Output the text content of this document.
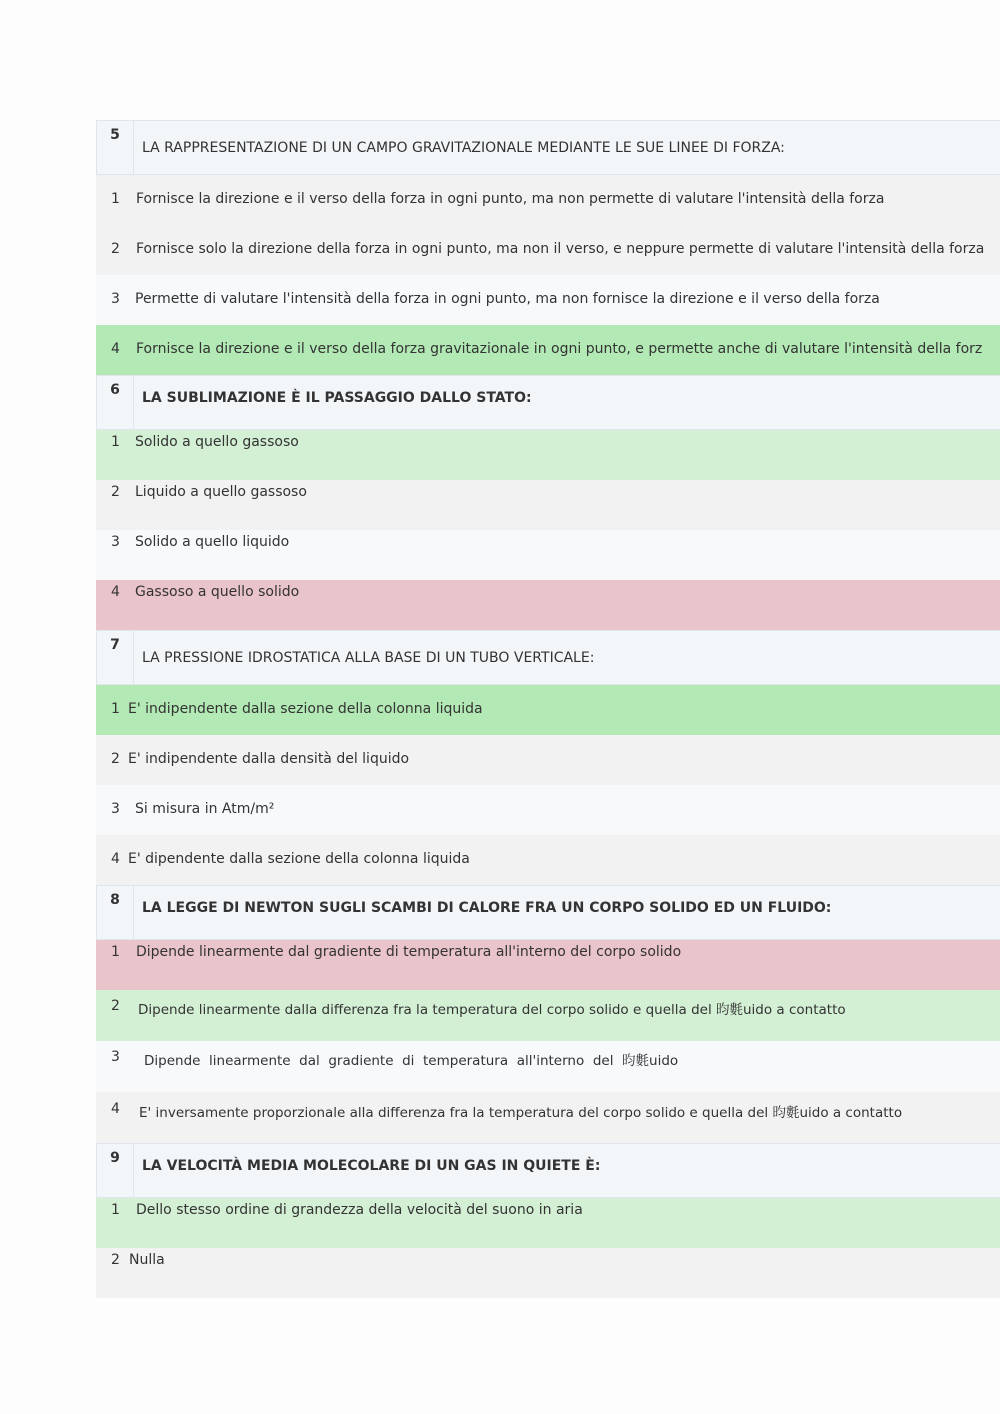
5
LA RAPPRESENTAZIONE DI UN CAMPO GRAVITAZIONALE MEDIANTE LE SUE LINEE DI FORZA:
1 Fornisce la direzione e il verso della forza in ogni punto, ma non permette di valutare l'intensità della forza
2 Fornisce solo la direzione della forza in ogni punto, ma non il verso, e neppure permette di valutare l'intensità della forza
3 Permette di valutare l'intensità della forza in ogni punto, ma non fornisce la direzione e il verso della forza
4 Fornisce la direzione e il verso della forza gravitazionale in ogni punto, e permette anche di valutare l'intensità della forz
6	LA SUBLIMAZIONE È IL PASSAGGIO DALLO STATO:
1 Solido a quello gassoso
2 Liquido a quello gassoso
3 Solido a quello liquido
4 Gassoso a quello solido
7
LA PRESSIONE IDROSTATICA ALLA BASE DI UN TUBO VERTICALE:
1 E' indipendente dalla sezione della colonna liquida
2 E' indipendente dalla densità del liquido
3 Si misura in Atm/m²
4 E' dipendente dalla sezione della colonna liquida
8	LA LEGGE DI NEWTON SUGLI SCAMBI DI CALORE FRA UN CORPO SOLIDO ED UN FLUIDO:
1 Dipende linearmente dal gradiente di temperatura all'interno del corpo solido
2 Dipende linearmente dalla differenza fra la temperatura del corpo solido e quella del 昀氀uido a contatto
3 Dipende  linearmente  dal  gradiente  di  temperatura  all'interno  del  昀氀uido
4 E' inversamente proporzionale alla differenza fra la temperatura del corpo solido e quella del 昀氀uido a contatto
9	LA VELOCITÀ MEDIA MOLECOLARE DI UN GAS IN QUIETE È:
1 Dello stesso ordine di grandezza della velocità del suono in aria
2 Nulla
